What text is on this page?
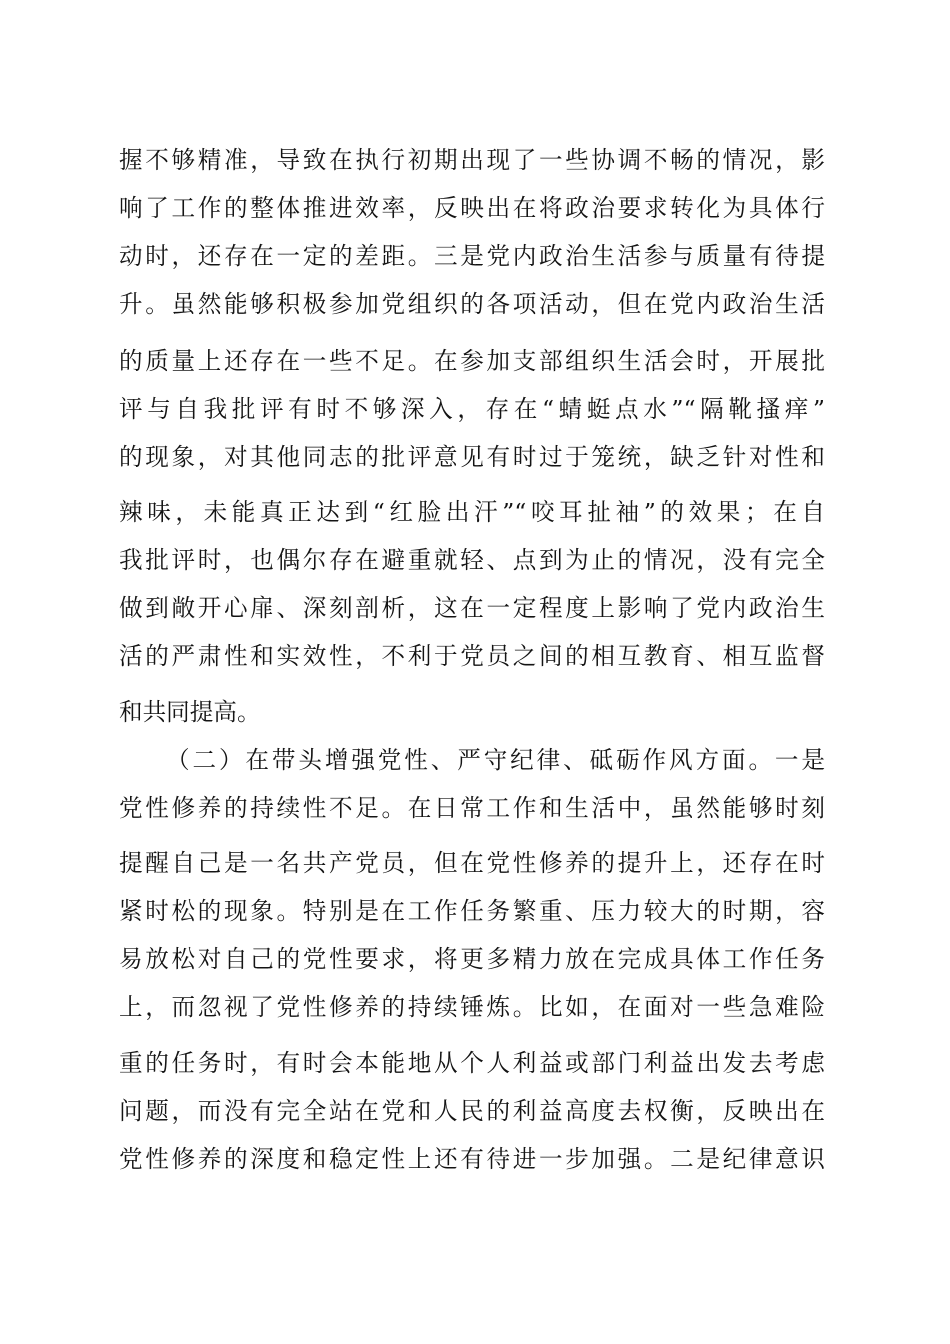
握不够精准，导致在执行初期出现了一些协调不畅的情况，影
响了工作的整体推进效率，反映出在将政治要求转化为具体行
动时，还存在一定的差距。三是党内政治生活参与质量有待提
升。虽然能够积极参加党组织的各项活动，但在党内政治生活
的质量上还存在一些不足。在参加支部组织生活会时，开展批
评与自我批评有时不够深入，存在“蜻蜓点水”“隔靴搔痒”
的现象，对其他同志的批评意见有时过于笼统，缺乏针对性和
辣味，未能真正达到“红脸出汗”“咬耳扯袖”的效果；在自
我批评时，也偶尔存在避重就轻、点到为止的情况，没有完全
做到敞开心扉、深刻剖析，这在一定程度上影响了党内政治生
活的严肃性和实效性，不利于党员之间的相互教育、相互监督
和共同提高。
（二）在带头增强党性、严守纪律、砥砺作风方面。一是
党性修养的持续性不足。在日常工作和生活中，虽然能够时刻
提醒自己是一名共产党员，但在党性修养的提升上，还存在时
紧时松的现象。特别是在工作任务繁重、压力较大的时期，容
易放松对自己的党性要求，将更多精力放在完成具体工作任务
上，而忽视了党性修养的持续锤炼。比如，在面对一些急难险
重的任务时，有时会本能地从个人利益或部门利益出发去考虑
问题，而没有完全站在党和人民的利益高度去权衡，反映出在
党性修养的深度和稳定性上还有待进一步加强。二是纪律意识
